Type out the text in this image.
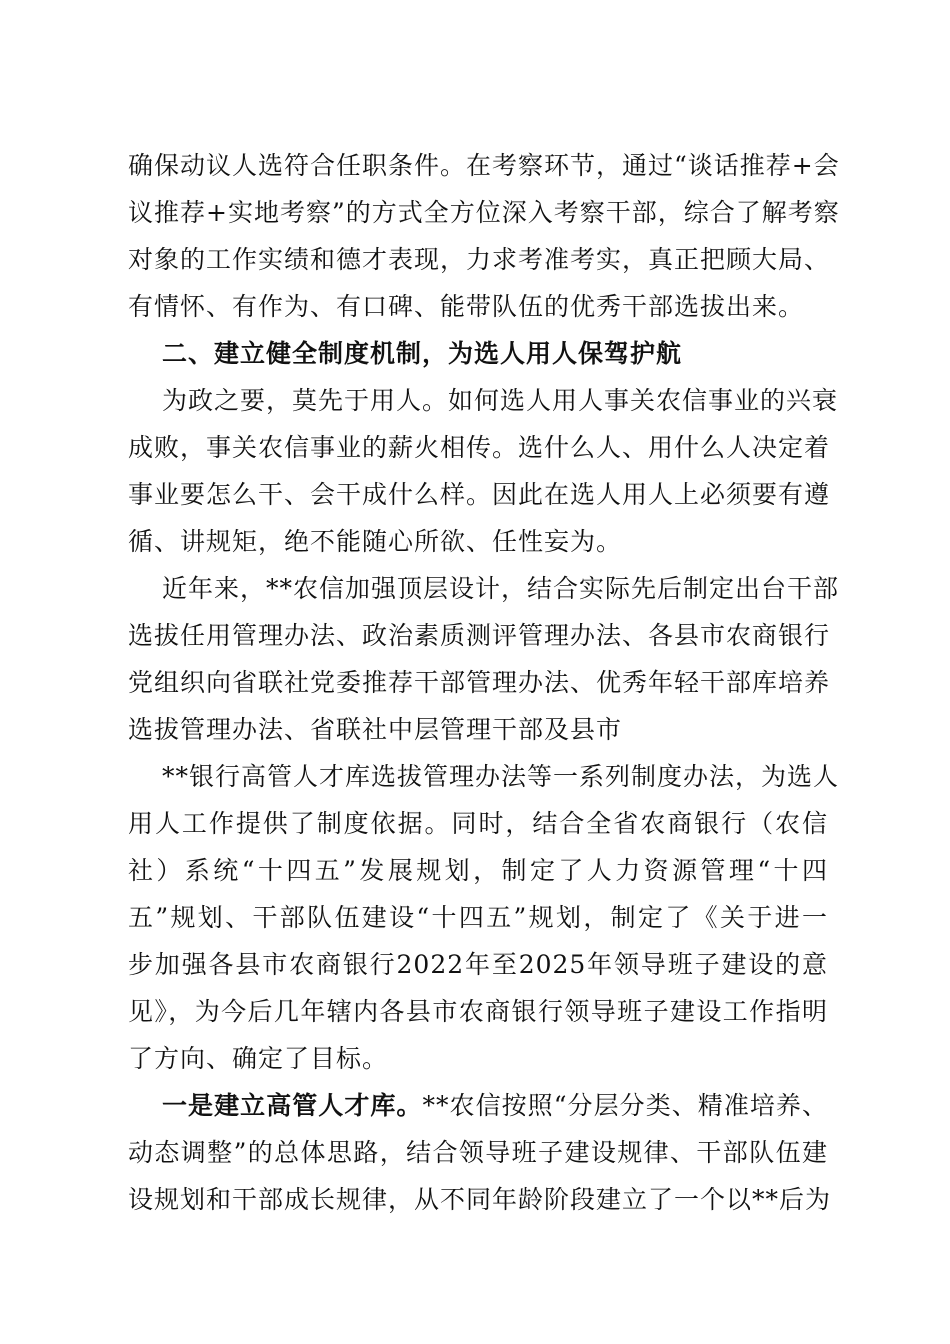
确保动议人选符合任职条件。在考察环节，通过“谈话推荐+会
议推荐+实地考察”的方式全方位深入考察干部，综合了解考察
对象的工作实绩和德才表现，力求考准考实，真正把顾大局、
有情怀、有作为、有口碑、能带队伍的优秀干部选拔出来。
二、建立健全制度机制，为选人用人保驾护航
为政之要，莫先于用人。如何选人用人事关农信事业的兴衰
成败，事关农信事业的薪火相传。选什么人、用什么人决定着
事业要怎么干、会干成什么样。因此在选人用人上必须要有遵
循、讲规矩，绝不能随心所欲、任性妄为。
近年来，**农信加强顶层设计，结合实际先后制定出台干部
选拔任用管理办法、政治素质测评管理办法、各县市农商银行
党组织向省联社党委推荐干部管理办法、优秀年轻干部库培养
选拔管理办法、省联社中层管理干部及县市
**银行高管人才库选拔管理办法等一系列制度办法，为选人
用人工作提供了制度依据。同时，结合全省农商银行（农信
社）系统“十四五”发展规划，制定了人力资源管理“十四
五”规划、干部队伍建设“十四五”规划，制定了《关于进一
步加强各县市农商银行2022年至2025年领导班子建设的意
见》，为今后几年辖内各县市农商银行领导班子建设工作指明
了方向、确定了目标。
一是建立高管人才库。**农信按照“分层分类、精准培养、
动态调整”的总体思路，结合领导班子建设规律、干部队伍建
设规划和干部成长规律，从不同年龄阶段建立了一个以**后为
